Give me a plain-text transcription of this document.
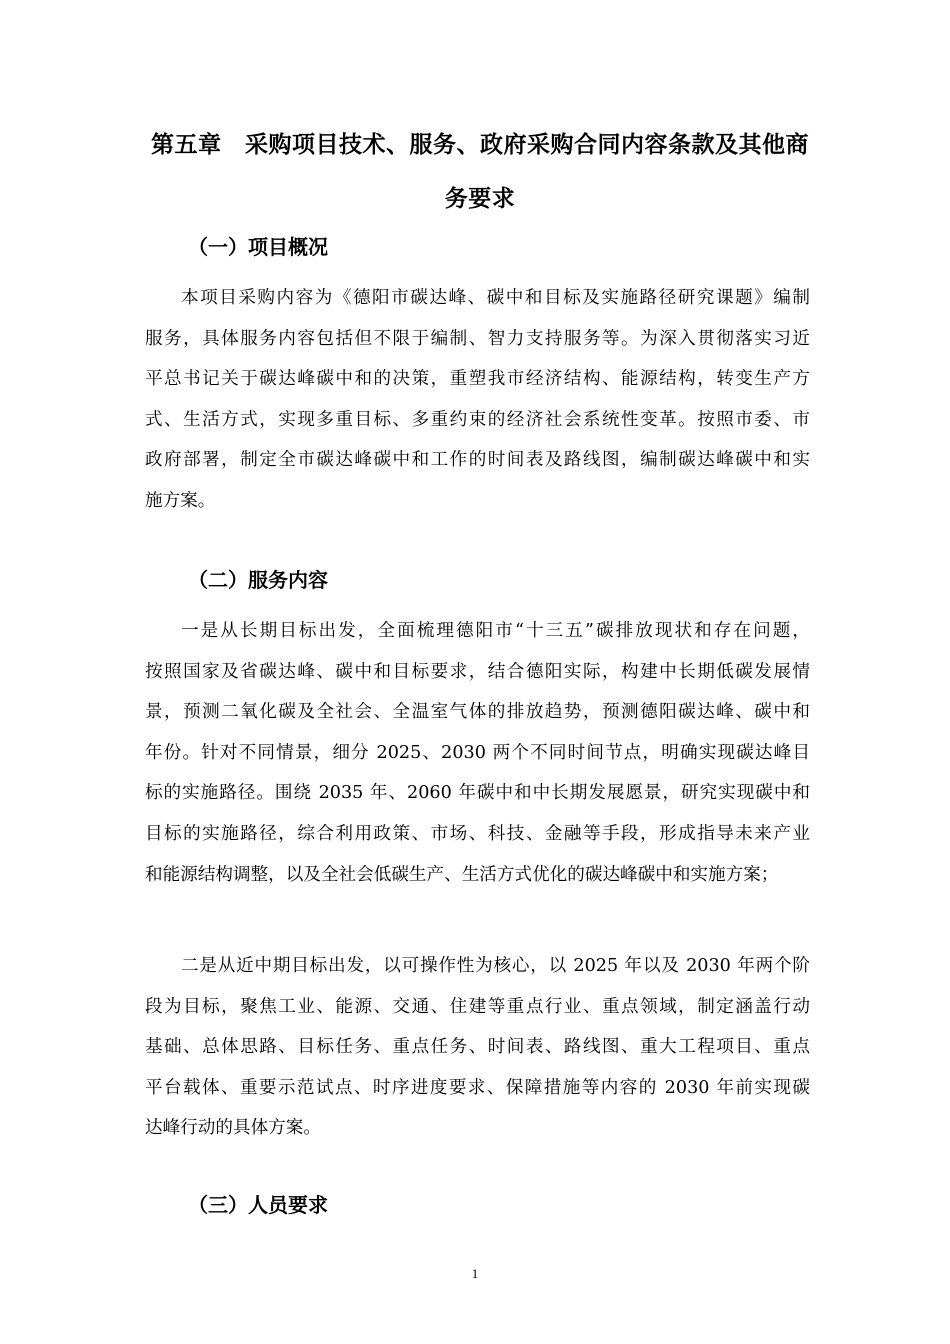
第五章　采购项目技术、服务、政府采购合同内容条款及其他商
务要求
（一）项目概况
本项目采购内容为《德阳市碳达峰、碳中和目标及实施路径研究课题》编制
服务，具体服务内容包括但不限于编制、智力支持服务等。为深入贯彻落实习近
平总书记关于碳达峰碳中和的决策，重塑我市经济结构、能源结构，转变生产方
式、生活方式，实现多重目标、多重约束的经济社会系统性变革。按照市委、市
政府部署，制定全市碳达峰碳中和工作的时间表及路线图，编制碳达峰碳中和实
施方案。
（二）服务内容
一是从长期目标出发，全面梳理德阳市“十三五”碳排放现状和存在问题，
按照国家及省碳达峰、碳中和目标要求，结合德阳实际，构建中长期低碳发展情
景，预测二氧化碳及全社会、全温室气体的排放趋势，预测德阳碳达峰、碳中和
年份。针对不同情景，细分 2025、2030 两个不同时间节点，明确实现碳达峰目
标的实施路径。围绕 2035 年、2060 年碳中和中长期发展愿景，研究实现碳中和
目标的实施路径，综合利用政策、市场、科技、金融等手段，形成指导未来产业
和能源结构调整，以及全社会低碳生产、生活方式优化的碳达峰碳中和实施方案；
二是从近中期目标出发，以可操作性为核心，以 2025 年以及 2030 年两个阶
段为目标，聚焦工业、能源、交通、住建等重点行业、重点领域，制定涵盖行动
基础、总体思路、目标任务、重点任务、时间表、路线图、重大工程项目、重点
平台载体、重要示范试点、时序进度要求、保障措施等内容的 2030 年前实现碳
达峰行动的具体方案。
（三）人员要求
1
